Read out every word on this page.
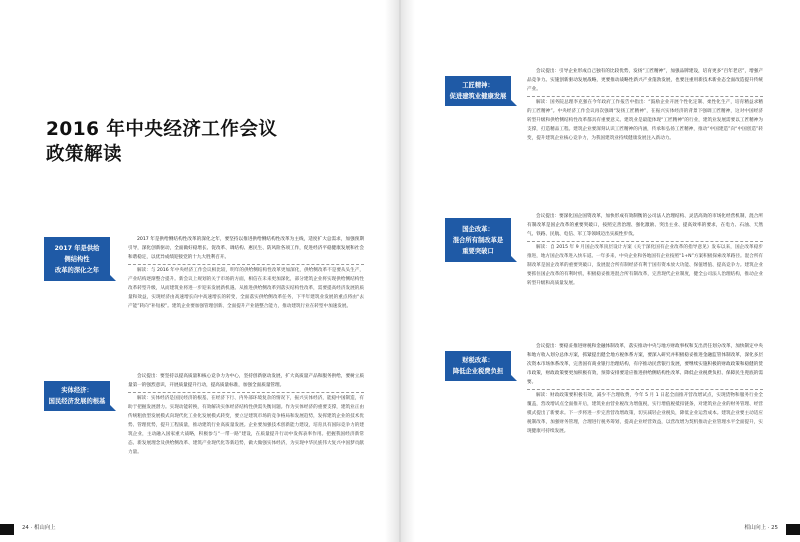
2016 年中央经济工作会议
政策解读
2017 年是供给
侧结构性
改革的深化之年

2017 年是供给侧结构性改革的深化之年，要坚持以推进供给侧结构性改革为主线，适度扩大总需求，加强预期引导，深化创新驱动，全面做好稳增长、促改革、调结构、惠民生、防风险各项工作，促进经济平稳健康发展和社会和谐稳定，以优异成绩迎接党的十九大胜利召开。

解读：与 2016 年中央经济工作会议相比较，明年的供给侧结构性改革更加深化，供给侧改革不是要从头生产，产业结构逐渐整合提升。新会议上规划的关于市场的方面，相信在未来更加深化，部分建筑企业将实现供给侧结构性改革转型升级，从而建筑业将进一步迎来发展新机遇。从推进供给侧改革到落实结构性改革，需要提高经济发展的质量和效益，实现经济由高速增长向中高速增长的转变，全面落实供给侧改革任务，下半年建筑业发展的重点将由“去产能”转向“补短板”。建筑企业要加强管理创新、全面提升产业链整合能力，推动建筑行业在转型中加速发展。

实体经济：
国民经济发展的根基

会议提出：要坚持以提高质量和核心竞争力为中心，坚持创新驱动发展，扩大高质量产品和服务供给，要树立质量第一的强烈意识，开展质量提升行动，提高质量标准，加强全面质量管理。

解读：实体经济是国民经济的根基，在经济下行、内外部环境复杂的情况下，振兴实体经济，能稳中国制造，有助于把握发展潜力。实现动能转换，有效解决实体经济结构性供需失衡问题。作为实体经济的重要支撑，建筑业正由传统粗放型发展模式向现代化工业化发展模式转变，要立足建筑市场的竞争格局和发展趋势，发挥建筑企业的技术优势、管理优势，提升工程质量，推动建筑行业高质量发展。企业要加强技术创新能力建设，培育具有国际竞争力的建筑企业，主动融入国家重大战略，积极参与“一带一路”建设，在质量提升行动中发挥表率作用。把握我国经济新常态、新发展理念及供给侧改革、建筑产业现代化等新趋势，做大做强实体经济，为实现中华民族伟大复兴中国梦贡献力量。

24 · 相山向上
工匠精神：
促进建筑业健康发展

会议提出：引导企业形成自己独有的比较优势，发扬“工匠精神”，加强品牌建设，培育更多“百年老店”，增强产品竞争力。实施创新驱动发展战略，更要推动战略性新兴产业蓬勃发展，也要注重用新技术新业态全面改造提升传统产业。

解读：国务院总理李克强在今年政府工作报告中指出：“鼓励企业开展个性化定制、柔性化生产，培育精益求精的工匠精神”。中央经济工作会议再次强调“发扬工匠精神”，在振兴实体经济的背景下强调工匠精神，这对中国经济转型升级和供给侧结构性改革都具有重要意义。建筑业是最能体现“工匠精神”的行业，建筑业发展需要以工匠精神为支撑，打造精品工程。建筑企业要深刻认识工匠精神的内涵，传承和弘扬工匠精神，推动“中国建造”向“中国创造”转变，提升建筑企业核心竞争力，为我国建筑业持续健康发展注入新动力。

国企改革：
混合所有制改革是
重要突破口

会议提出：要深化国企国资改革，加快形成有效制衡的公司法人治理结构、灵活高效的市场化经营机制，混合所有制改革是国企改革的重要突破口，按照完善治理、强化激励、突出主业、提高效率的要求，在电力、石油、天然气、铁路、民航、电信、军工等领域迈出实质性步伐。

解读：自 2015 年 9 月国企改革顶层设计方案《关于深化国有企业改革的指导意见》发布以来，国企改革稳步推进，地方国企改革进入快车道。一年多来，中央企业和各地国有企业按照“1+N”方案积极探索改革路径。混合所有制改革是国企改革的重要突破口，发展混合所有制经济有利于国有资本放大功能、保值增值、提高竞争力。建筑企业要抓住国企改革的有利时机，积极稳妥推进混合所有制改革，完善现代企业制度，健全公司法人治理结构，推动企业转型升级和高质量发展。

财税改革：
降低企业税费负担

会议提出：要稳妥推进财税和金融体制改革，落实推动中央与地方财政事权和支出责任划分改革，加快制定中央和地方收入划分总体方案，抓紧提出健全地方税体系方案，要深入研究并积极稳妥推进金融监管体制改革，深化多层次资本市场体系改革，完善国有商业银行治理结构，有序推动民营银行发展，要继续实施积极的财政政策和稳健的货币政策，财政政策要更加积极有效，预算安排要适应推进供给侧结构性改革、降低企业税费负担、保障民生兜底的需要。

解读：财政政策要积极有效，减少不合理收费，今年 5 月 1 日起全面推开营改增试点，实现货物和服务行业全覆盖，营改增试点全面推开后，建筑业由营业税改为增值税，实行增值税抵扣链条，对建筑业企业的财务管理、经营模式提出了新要求。下一步将进一步完善营改增政策，切实减轻企业税负，降低企业运营成本。建筑企业要主动适应税制改革，加强财务管理，合理进行税务筹划，提高企业经营效益，以营改增为契机推动企业管理水平全面提升，实现健康可持续发展。

相山向上 · 25
